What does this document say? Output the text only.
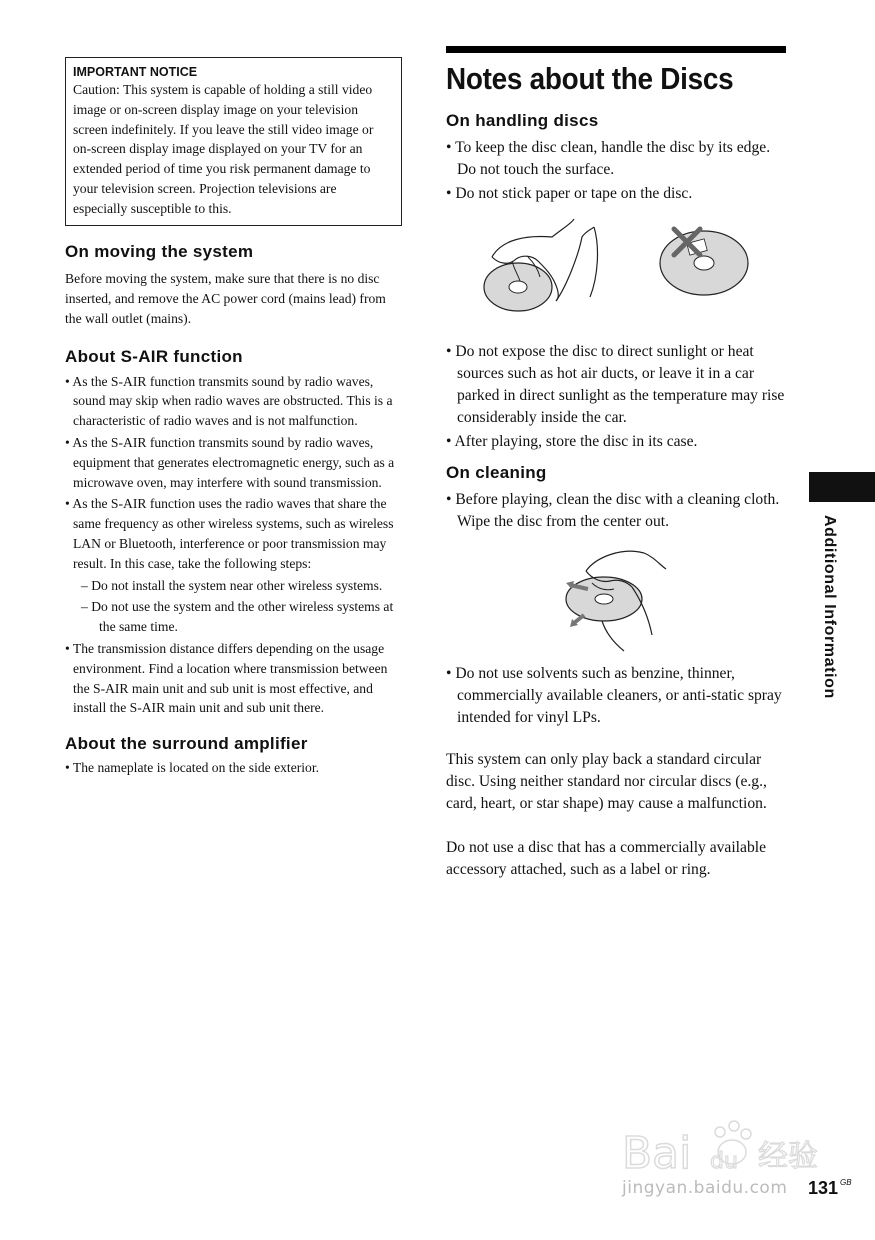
IMPORTANT NOTICE

Caution: This system is capable of holding a still video image or on-screen display image on your television screen indefinitely. If you leave the still video image or on-screen display image displayed on your TV for an extended period of time you risk permanent damage to your television screen. Projection televisions are especially susceptible to this.

On moving the system

Before moving the system, make sure that there is no disc inserted, and remove the AC power cord (mains lead) from the wall outlet (mains).

About S-AIR function
• As the S-AIR function transmits sound by radio waves, sound may skip when radio waves are obstructed. This is a characteristic of radio waves and is not malfunction.
• As the S-AIR function transmits sound by radio waves, equipment that generates electromagnetic energy, such as a microwave oven, may interfere with sound transmission.
• As the S-AIR function uses the radio waves that share the same frequency as other wireless systems, such as wireless LAN or Bluetooth, interference or poor transmission may result. In this case, take the following steps:
– Do not install the system near other wireless systems.
– Do not use the system and the other wireless systems at the same time.
• The transmission distance differs depending on the usage environment. Find a location where transmission between the S-AIR main unit and sub unit is most effective, and install the S-AIR main unit and sub unit there.
About the surround amplifier
• The nameplate is located on the side exterior.
Notes about the Discs
On handling discs
• To keep the disc clean, handle the disc by its edge. Do not touch the surface.
• Do not stick paper or tape on the disc.
• Do not expose the disc to direct sunlight or heat sources such as hot air ducts, or leave it in a car parked in direct sunlight as the temperature may rise considerably inside the car.
• After playing, store the disc in its case.
On cleaning
• Before playing, clean the disc with a cleaning cloth.
Wipe the disc from the center out.
• Do not use solvents such as benzine, thinner, commercially available cleaners, or anti-static spray intended for vinyl LPs.

This system can only play back a standard circular disc. Using neither standard nor circular discs (e.g., card, heart, or star shape) may cause a malfunction.

Do not use a disc that has a commercially available accessory attached, such as a label or ring.

Additional Information
Bai du 经验
jingyan.baidu.com 131 $^{GB}$
